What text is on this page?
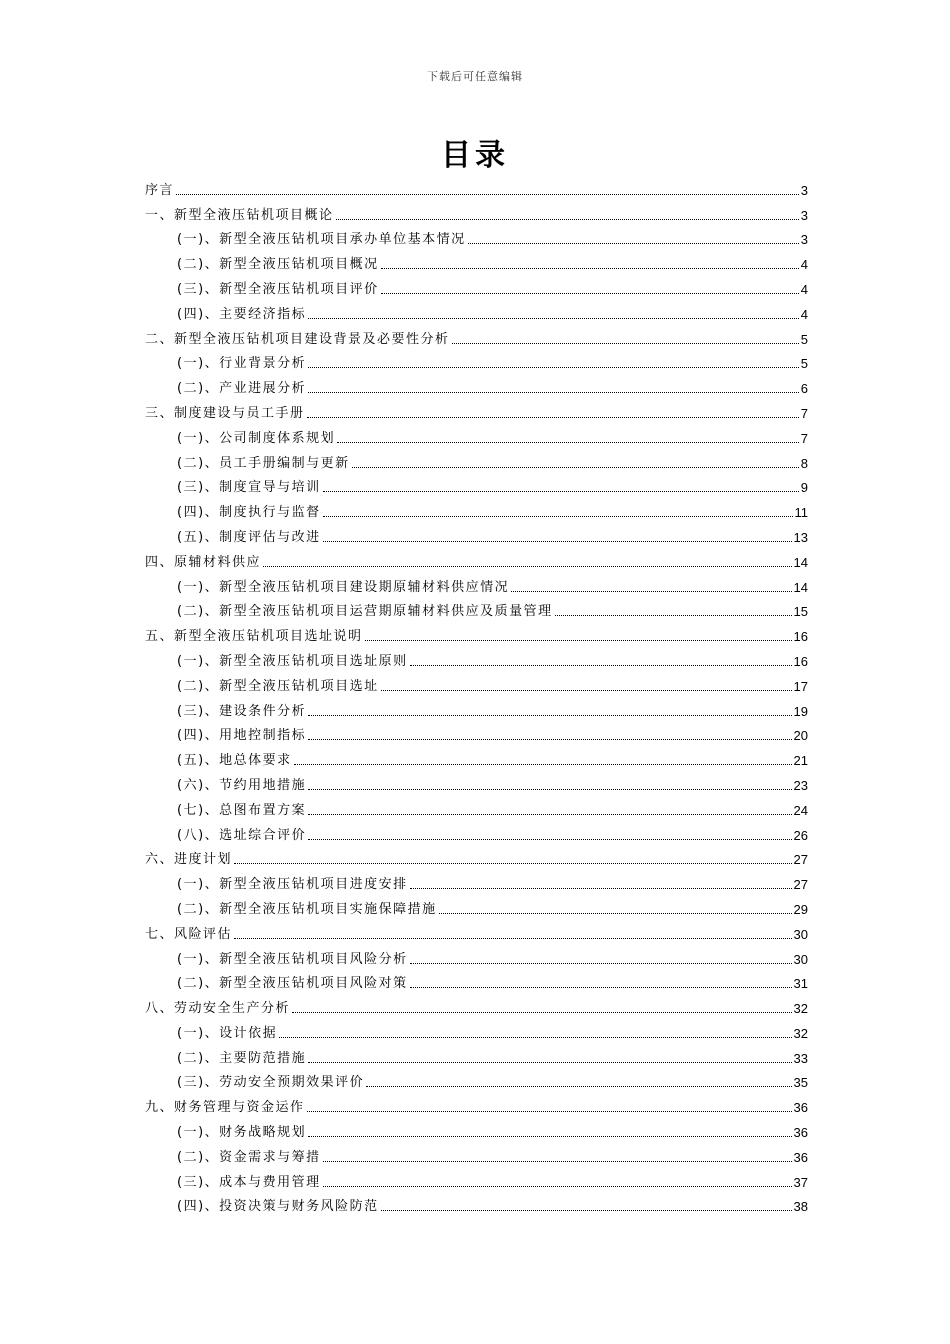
下载后可任意编辑
目录
序言	3
一、新型全液压钻机项目概论	3
(一)、新型全液压钻机项目承办单位基本情况	3
(二)、新型全液压钻机项目概况	4
(三)、新型全液压钻机项目评价	4
(四)、主要经济指标	4
二、新型全液压钻机项目建设背景及必要性分析	5
(一)、行业背景分析	5
(二)、产业进展分析	6
三、制度建设与员工手册	7
(一)、公司制度体系规划	7
(二)、员工手册编制与更新	8
(三)、制度宣导与培训	9
(四)、制度执行与监督	11
(五)、制度评估与改进	13
四、原辅材料供应	14
(一)、新型全液压钻机项目建设期原辅材料供应情况	14
(二)、新型全液压钻机项目运营期原辅材料供应及质量管理	15
五、新型全液压钻机项目选址说明	16
(一)、新型全液压钻机项目选址原则	16
(二)、新型全液压钻机项目选址	17
(三)、建设条件分析	19
(四)、用地控制指标	20
(五)、地总体要求	21
(六)、节约用地措施	23
(七)、总图布置方案	24
(八)、选址综合评价	26
六、进度计划	27
(一)、新型全液压钻机项目进度安排	27
(二)、新型全液压钻机项目实施保障措施	29
七、风险评估	30
(一)、新型全液压钻机项目风险分析	30
(二)、新型全液压钻机项目风险对策	31
八、劳动安全生产分析	32
(一)、设计依据	32
(二)、主要防范措施	33
(三)、劳动安全预期效果评价	35
九、财务管理与资金运作	36
(一)、财务战略规划	36
(二)、资金需求与筹措	36
(三)、成本与费用管理	37
(四)、投资决策与财务风险防范	38
